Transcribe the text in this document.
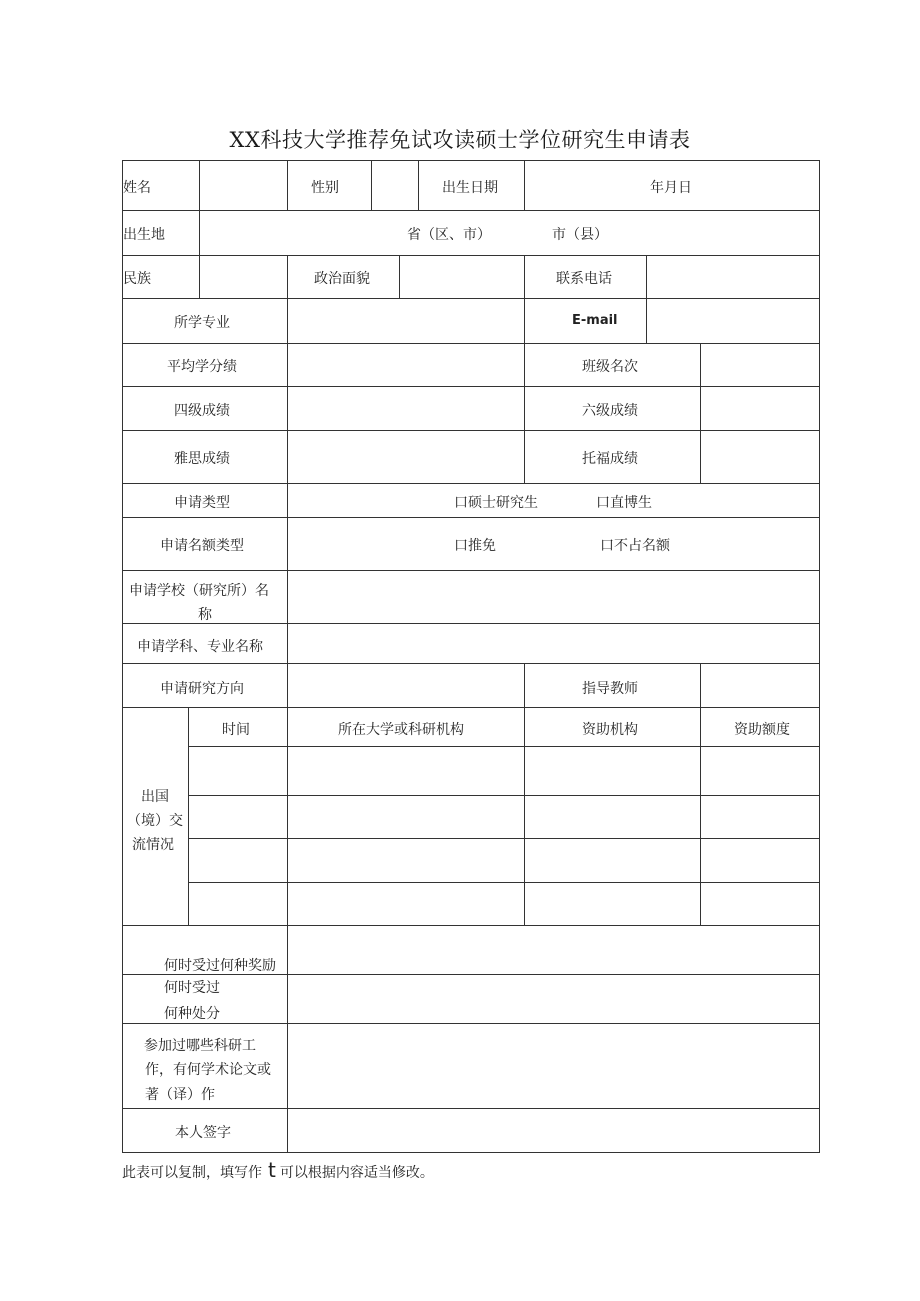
XX科技大学推荐免试攻读硕士学位研究生申请表
姓名	性别	出生日期	年月日
出生地	省（区、市）	市（县）
民族	政治面貌	联系电话
所学专业	E-mail
平均学分绩	班级名次
四级成绩	六级成绩
雅思成绩	托福成绩
申请类型	口硕士研究生	口直博生
申请名额类型	口推免	口不占名额
申请学校（研究所）名
称
申请学科、专业名称
申请研究方向	指导教师
出国
（境）交
流情况
时间	所在大学或科研机构	资助机构	资助额度
何时受过何种奖励
何时受过
何种处分
参加过哪些科研工
作，有何学术论文或
著（译）作
本人签字
此表可以复制，填写作 t 可以根据内容适当修改。
